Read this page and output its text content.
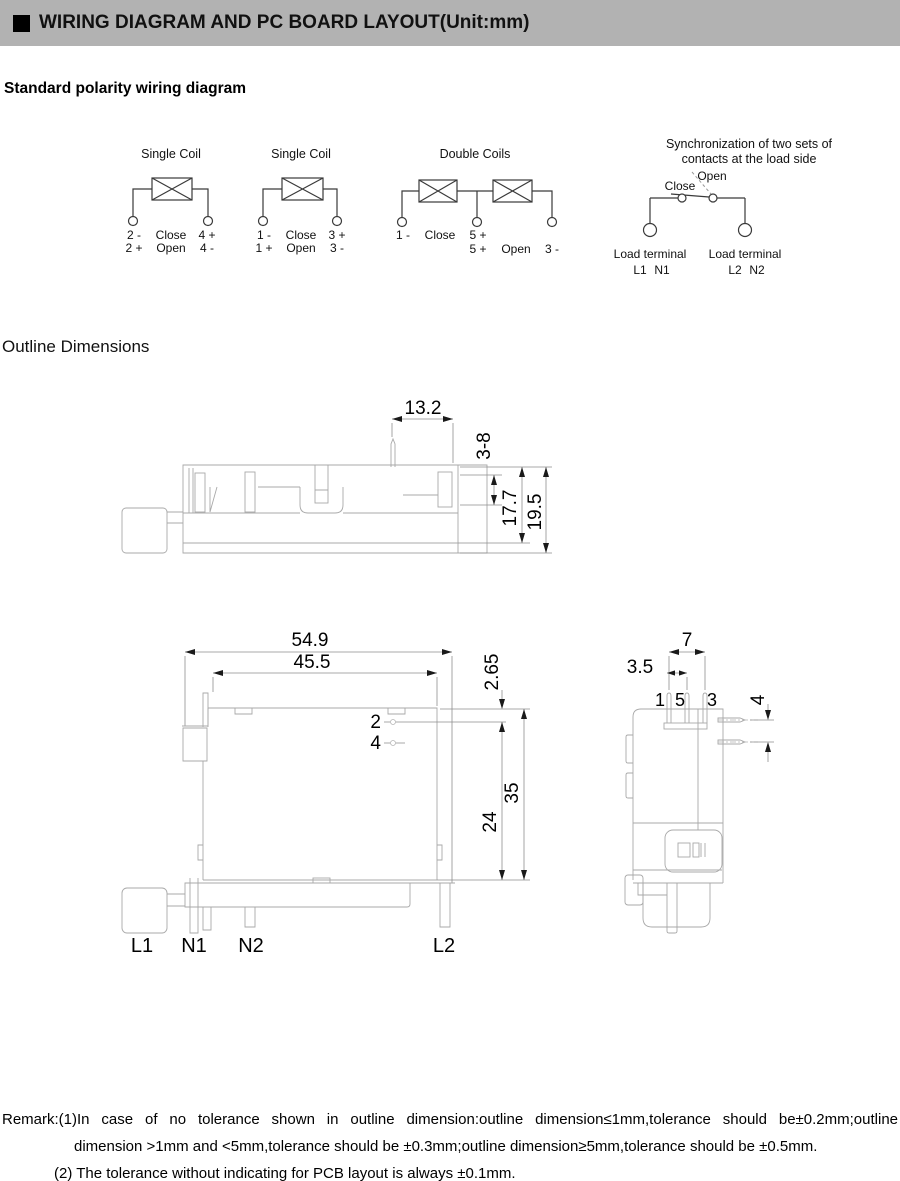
WIRING DIAGRAM AND PC BOARD LAYOUT(Unit:mm)
Standard polarity wiring diagram
Single Coil
2 - Close 4 +
2 + Open 4 -
Single Coil
1 - Close 3 +
1 + Open 3 -
Double Coils
1 - Close 5 +
5 + Open 3 -
Synchronization of two sets of
contacts at the load side
Close
Open
Load terminal
L1 N1
Load terminal
L2 N2
Outline Dimensions
13.2
3-8
17.7 19.5
54.9
45.5
2
4
2.65
24
35
L1 N1 N2	L2
7
3.5
1 5 3 4
Remark:(1)In case of no tolerance shown in outline dimension:outline dimension≤1mm,tolerance should be±0.2mm;outline
dimension >1mm and <5mm,tolerance should be ±0.3mm;outline dimension≥5mm,tolerance should be ±0.5mm.
(2) The tolerance without indicating for PCB layout is always ±0.1mm.
